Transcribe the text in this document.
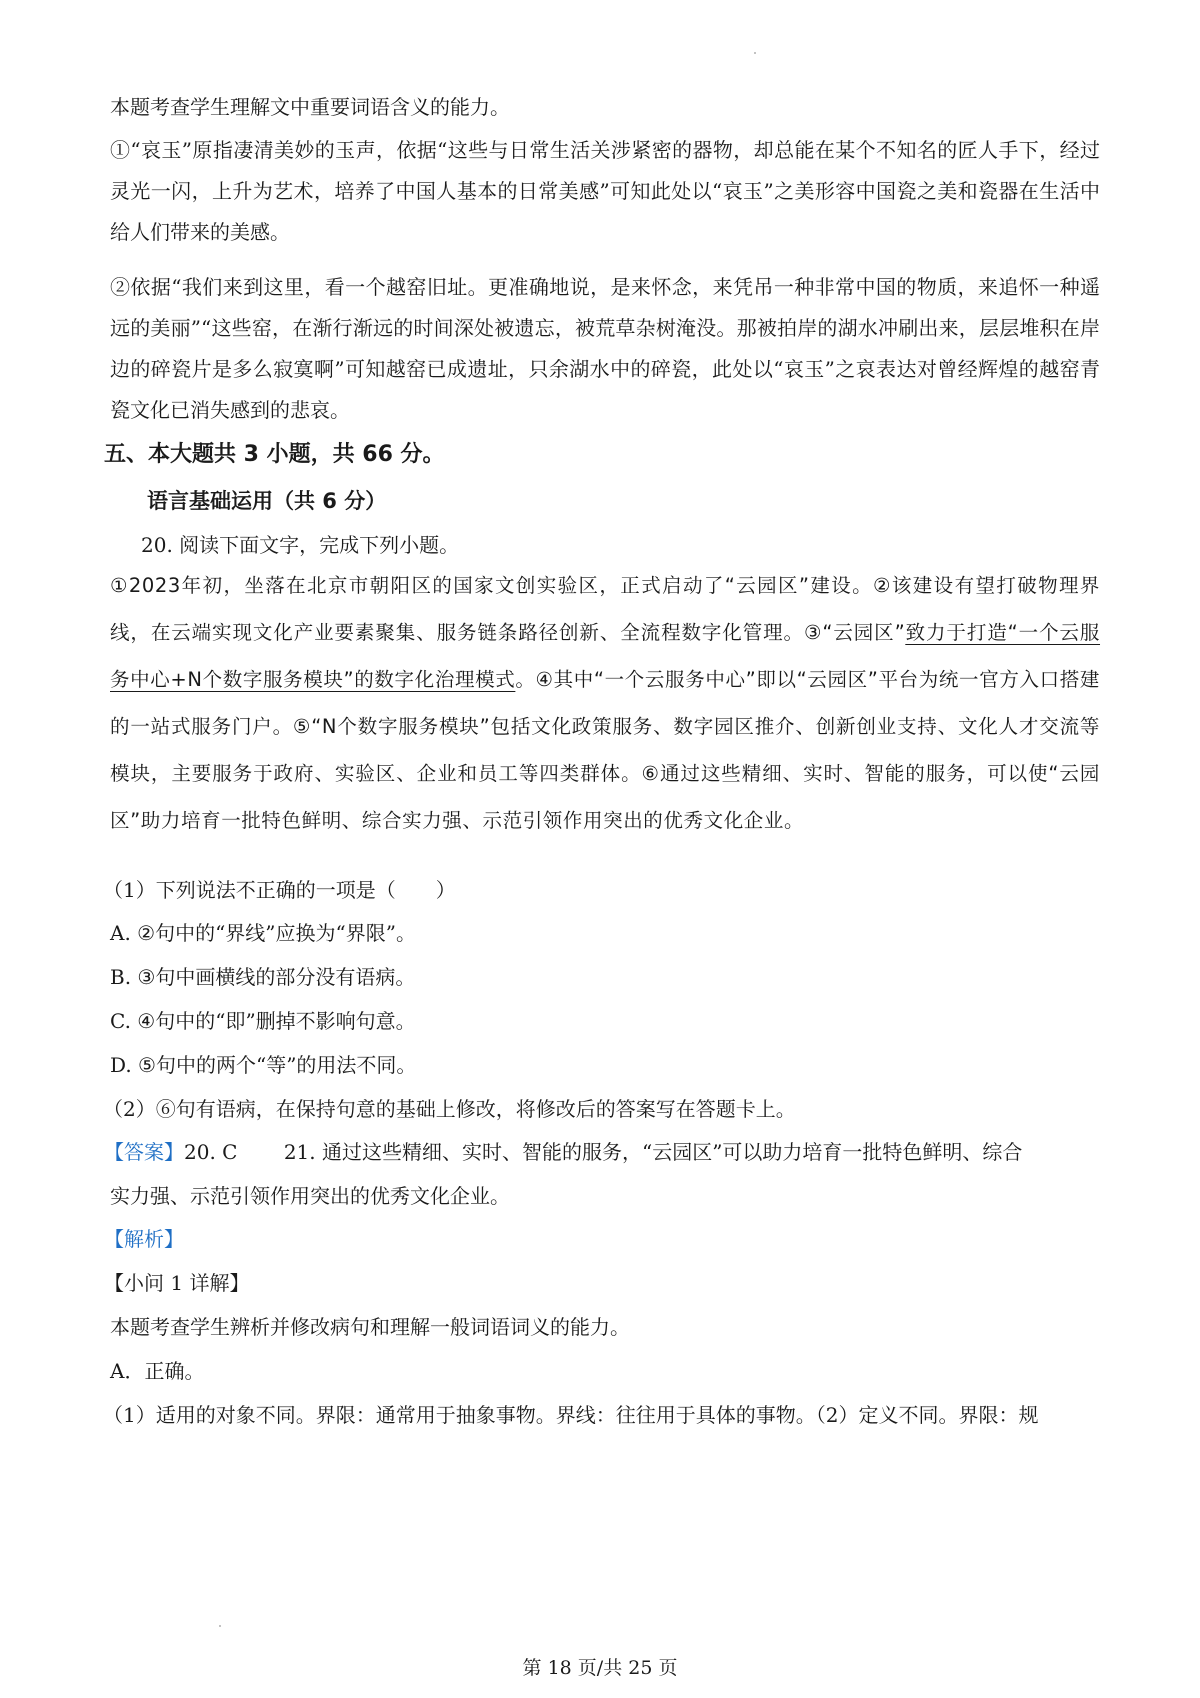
本题考查学生理解文中重要词语含义的能力。

①“哀玉”原指凄清美妙的玉声，依据“这些与日常生活关涉紧密的器物，却总能在某个不知名的匠人手下，经过灵光一闪，上升为艺术，培养了中国人基本的日常美感”可知此处以“哀玉”之美形容中国瓷之美和瓷器在生活中给人们带来的美感。

②依据“我们来到这里，看一个越窑旧址。更准确地说，是来怀念，来凭吊一种非常中国的物质，来追怀一种遥远的美丽”“这些窑，在渐行渐远的时间深处被遗忘，被荒草杂树淹没。那被拍岸的湖水冲刷出来，层层堆积在岸边的碎瓷片是多么寂寞啊”可知越窑已成遗址，只余湖水中的碎瓷，此处以“哀玉”之哀表达对曾经辉煌的越窑青瓷文化已消失感到的悲哀。

五、本大题共 3 小题，共 66 分。
语言基础运用（共 6 分）

20. 阅读下面文字，完成下列小题。

①2023年初，坐落在北京市朝阳区的国家文创实验区，正式启动了“云园区”建设。②该建设有望打破物理界线，在云端实现文化产业要素聚集、服务链条路径创新、全流程数字化管理。③“云园区”致力于打造“一个云服务中心+N个数字服务模块”的数字化治理模式。④其中“一个云服务中心”即以“云园区”平台为统一官方入口搭建的一站式服务门户。⑤“N个数字服务模块”包括文化政策服务、数字园区推介、创新创业支持、文化人才交流等模块，主要服务于政府、实验区、企业和员工等四类群体。⑥通过这些精细、实时、智能的服务，可以使“云园区”助力培育一批特色鲜明、综合实力强、示范引领作用突出的优秀文化企业。

（1）下列说法不正确的一项是（　　）

A. ②句中的“界线”应换为“界限”。

B. ③句中画横线的部分没有语病。

C. ④句中的“即”删掉不影响句意。

D. ⑤句中的两个“等”的用法不同。

（2）⑥句有语病，在保持句意的基础上修改，将修改后的答案写在答题卡上。

【答案】20. C　　 21. 通过这些精细、实时、智能的服务，“云园区”可以助力培育一批特色鲜明、综合

实力强、示范引领作用突出的优秀文化企业。

【解析】

【小问 1 详解】

本题考查学生辨析并修改病句和理解一般词语词义的能力。

A．正确。

（1）适用的对象不同。界限：通常用于抽象事物。界线：往往用于具体的事物。（2）定义不同。界限：规

第 18 页/共 25 页
